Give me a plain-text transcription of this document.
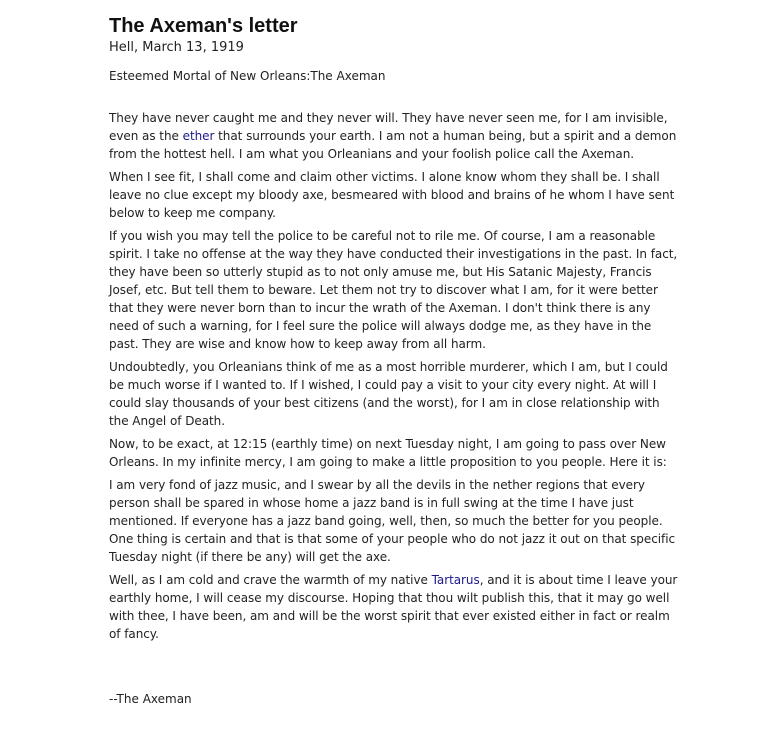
The Axeman's letter

Hell, March 13, 1919

Esteemed Mortal of New Orleans:The Axeman

They have never caught me and they never will. They have never seen me, for I am invisible, even as the ether that surrounds your earth. I am not a human being, but a spirit and a demon from the hottest hell. I am what you Orleanians and your foolish police call the Axeman.

When I see fit, I shall come and claim other victims. I alone know whom they shall be. I shall leave no clue except my bloody axe, besmeared with blood and brains of he whom I have sent below to keep me company.

If you wish you may tell the police to be careful not to rile me. Of course, I am a reasonable spirit. I take no offense at the way they have conducted their investigations in the past. In fact, they have been so utterly stupid as to not only amuse me, but His Satanic Majesty, Francis Josef, etc. But tell them to beware. Let them not try to discover what I am, for it were better that they were never born than to incur the wrath of the Axeman. I don't think there is any need of such a warning, for I feel sure the police will always dodge me, as they have in the past. They are wise and know how to keep away from all harm.

Undoubtedly, you Orleanians think of me as a most horrible murderer, which I am, but I could be much worse if I wanted to. If I wished, I could pay a visit to your city every night. At will I could slay thousands of your best citizens (and the worst), for I am in close relationship with the Angel of Death.

Now, to be exact, at 12:15 (earthly time) on next Tuesday night, I am going to pass over New Orleans. In my infinite mercy, I am going to make a little proposition to you people. Here it is:

I am very fond of jazz music, and I swear by all the devils in the nether regions that every person shall be spared in whose home a jazz band is in full swing at the time I have just mentioned. If everyone has a jazz band going, well, then, so much the better for you people. One thing is certain and that is that some of your people who do not jazz it out on that specific Tuesday night (if there be any) will get the axe.

Well, as I am cold and crave the warmth of my native Tartarus, and it is about time I leave your earthly home, I will cease my discourse. Hoping that thou wilt publish this, that it may go well with thee, I have been, am and will be the worst spirit that ever existed either in fact or realm of fancy.

--The Axeman
